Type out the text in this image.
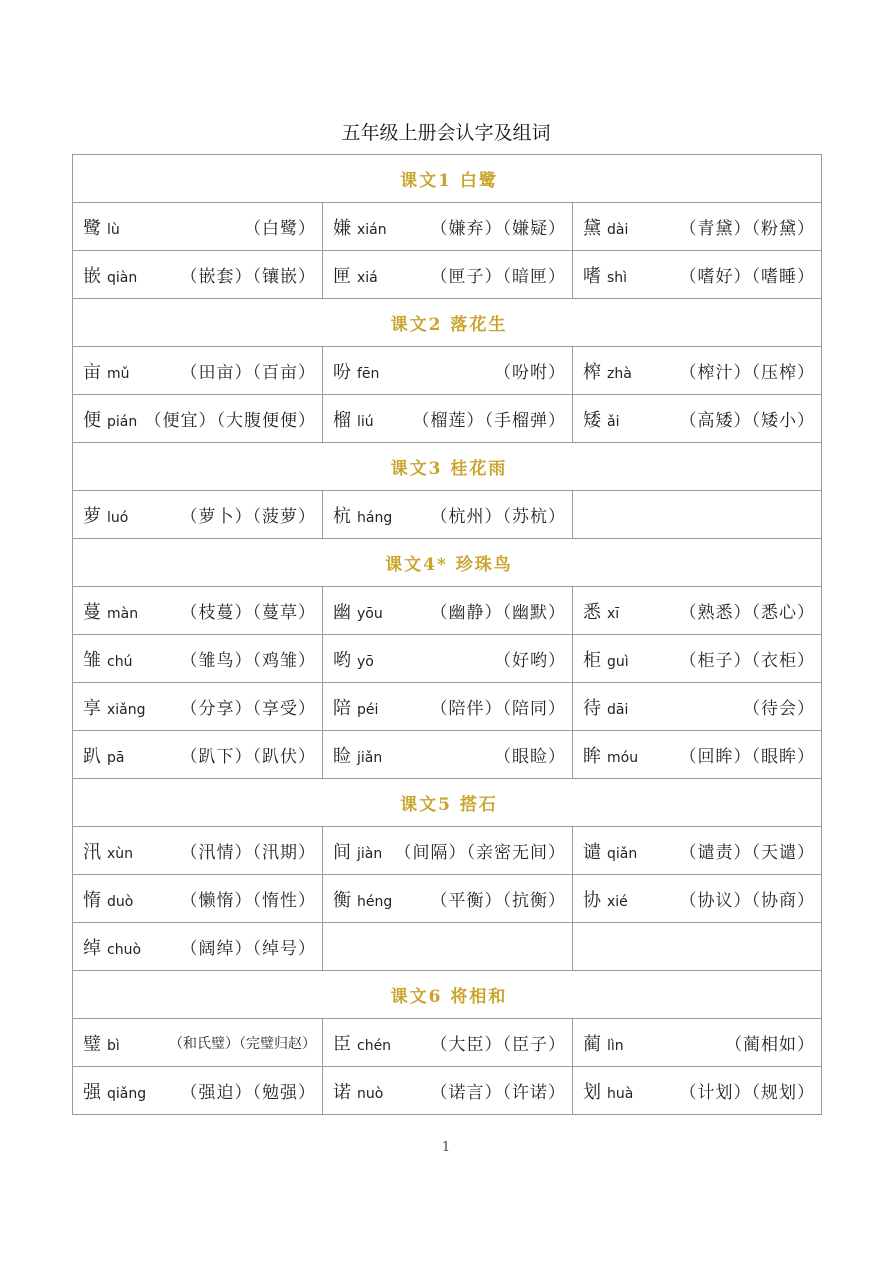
五年级上册会认字及组词
课文1 白鹭		

鹭 lù （白鹭）	嫌 xián （嫌弃）（嫌疑）	黛 dài （青黛）（粉黛）

嵌 qiàn （嵌套）（镶嵌）	匣 xiá （匣子）（暗匣）	嗜 shì （嗜好）（嗜睡）

课文2 落花生		

亩 mǔ （田亩）（百亩）	吩 fēn （吩咐）	榨 zhà （榨汁）（压榨）

便 pián （便宜）（大腹便便）	榴 liú （榴莲）（手榴弹）	矮 ǎi （高矮）（矮小）

课文3 桂花雨		

萝 luó （萝卜）（菠萝）	杭 háng （杭州）（苏杭）	

课文4* 珍珠鸟		

蔓 màn （枝蔓）（蔓草）	幽 yōu （幽静）（幽默）	悉 xī （熟悉）（悉心）

雏 chú （雏鸟）（鸡雏）	哟 yō （好哟）	柜 guì （柜子）（衣柜）

享 xiǎng （分享）（享受）	陪 péi （陪伴）（陪同）	待 dāi （待会）

趴 pā （趴下）（趴伏）	睑 jiǎn （眼睑）	眸 móu （回眸）（眼眸）

课文5 搭石		

汛 xùn （汛情）（汛期）	间 jiàn （间隔）（亲密无间）	谴 qiǎn （谴责）（天谴）

惰 duò （懒惰）（惰性）	衡 héng （平衡）（抗衡）	协 xié （协议）（协商）

绰 chuò （阔绰）（绰号）		

课文6 将相和		

璧 bì （和氏璧）（完璧归赵）	臣 chén （大臣）（臣子）	蔺 lìn （蔺相如）

强 qiǎng （强迫）（勉强）	诺 nuò （诺言）（许诺）	划 huà （计划）（规划）
1
